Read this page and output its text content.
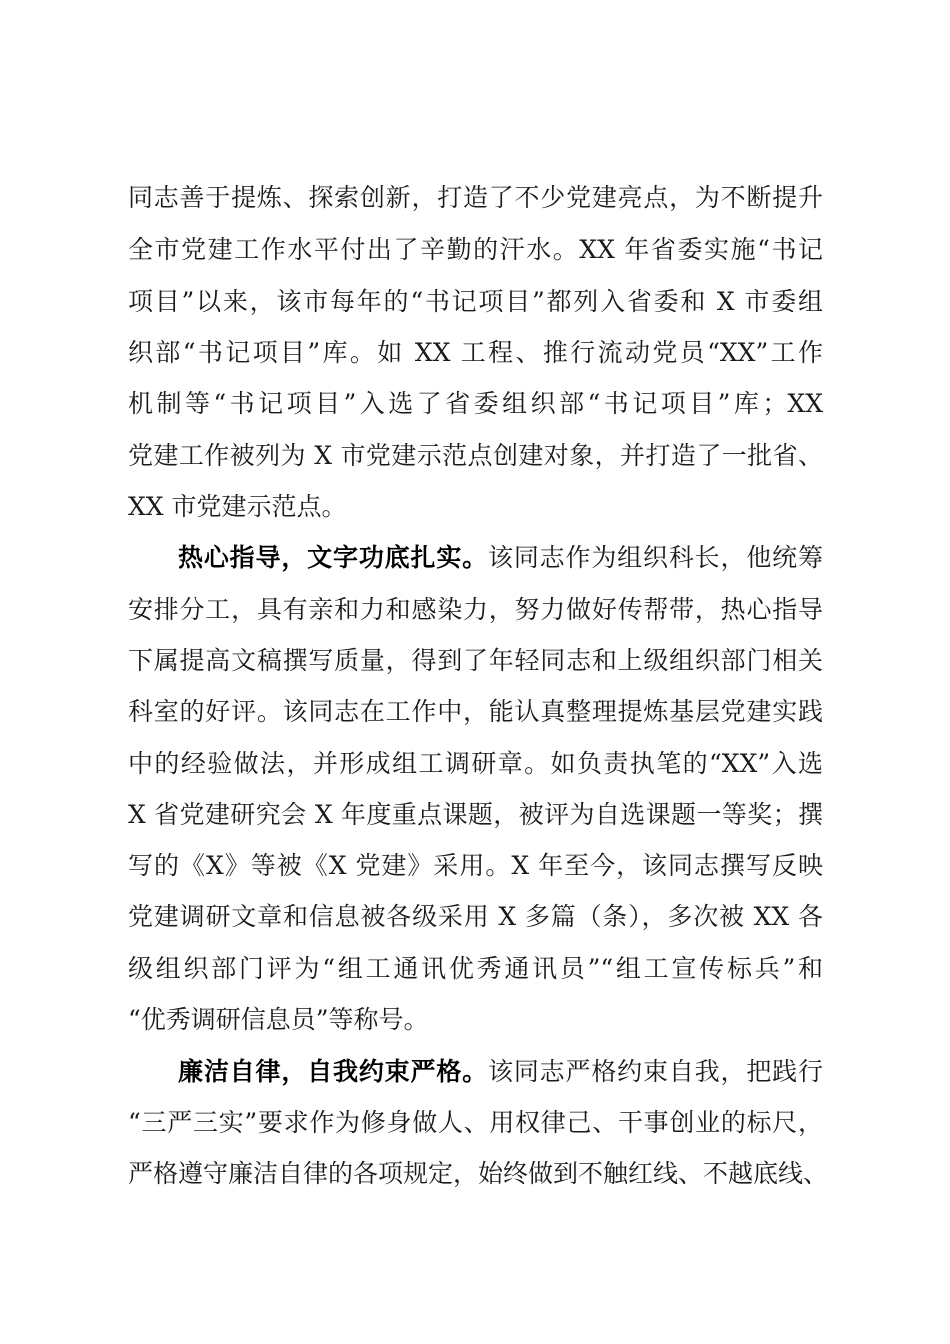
同志善于提炼、探索创新，打造了不少党建亮点，为不断提升
全市党建工作水平付出了辛勤的汗水。XX 年省委实施“书记
项目”以来，该市每年的“书记项目”都列入省委和 X 市委组
织部“书记项目”库。如 XX 工程、推行流动党员“XX”工作
机制等“书记项目”入选了省委组织部“书记项目”库；XX
党建工作被列为 X 市党建示范点创建对象，并打造了一批省、
XX 市党建示范点。
热心指导，文字功底扎实。该同志作为组织科长，他统筹
安排分工，具有亲和力和感染力，努力做好传帮带，热心指导
下属提高文稿撰写质量，得到了年轻同志和上级组织部门相关
科室的好评。该同志在工作中，能认真整理提炼基层党建实践
中的经验做法，并形成组工调研章。如负责执笔的“XX”入选
X 省党建研究会 X 年度重点课题，被评为自选课题一等奖；撰
写的《X》等被《X 党建》采用。X 年至今，该同志撰写反映
党建调研文章和信息被各级采用 X 多篇（条），多次被 XX 各
级组织部门评为“组工通讯优秀通讯员”“组工宣传标兵”和
“优秀调研信息员”等称号。
廉洁自律，自我约束严格。该同志严格约束自我，把践行
“三严三实”要求作为修身做人、用权律己、干事创业的标尺，
严格遵守廉洁自律的各项规定，始终做到不触红线、不越底线、
